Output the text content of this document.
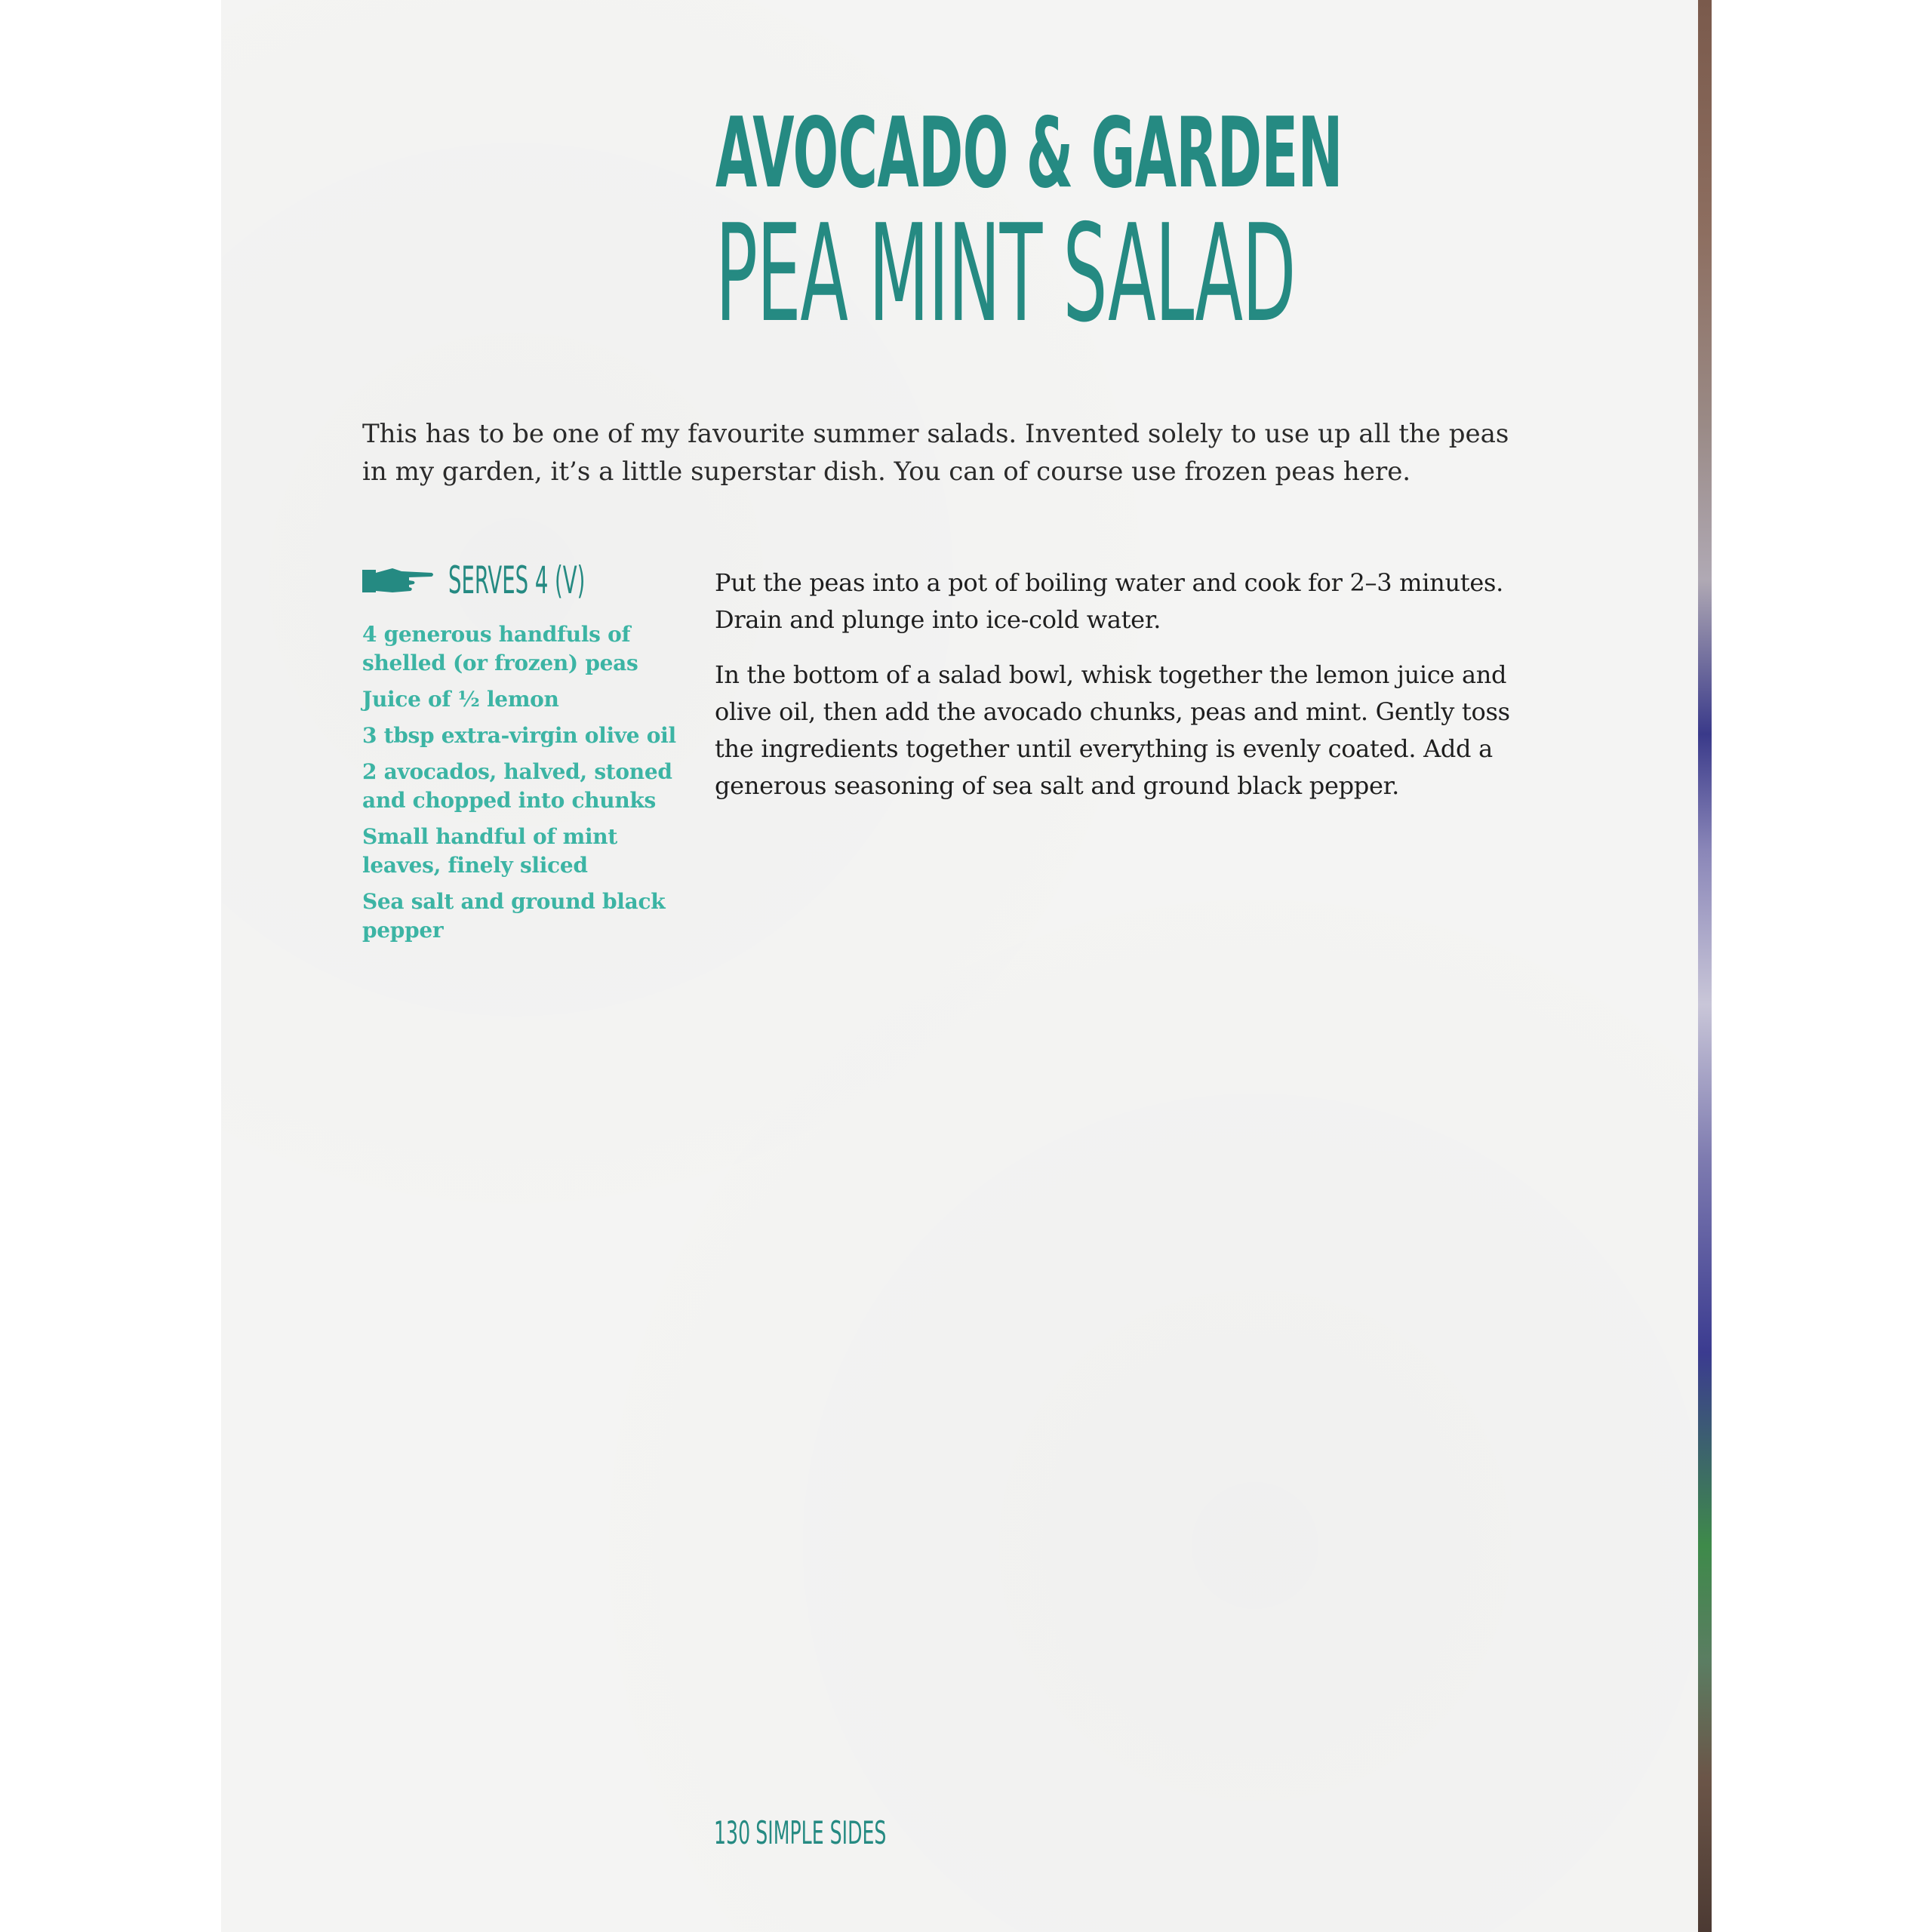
AVOCADO & GARDEN
PEA MINT SALAD

This has to be one of my favourite summer salads. Invented solely to use up all the peas in my garden, it’s a little superstar dish. You can of course use frozen peas here.

SERVES 4 (V)
4 generous handfuls of shelled (or frozen) peas
Juice of ½ lemon
3 tbsp extra-virgin olive oil
2 avocados, halved, stoned and chopped into chunks
Small handful of mint leaves, finely sliced
Sea salt and ground black pepper

Put the peas into a pot of boiling water and cook for 2–3 minutes. Drain and plunge into ice-cold water.

In the bottom of a salad bowl, whisk together the lemon juice and olive oil, then add the avocado chunks, peas and mint. Gently toss the ingredients together until everything is evenly coated. Add a generous seasoning of sea salt and ground black pepper.

130 SIMPLE SIDES
